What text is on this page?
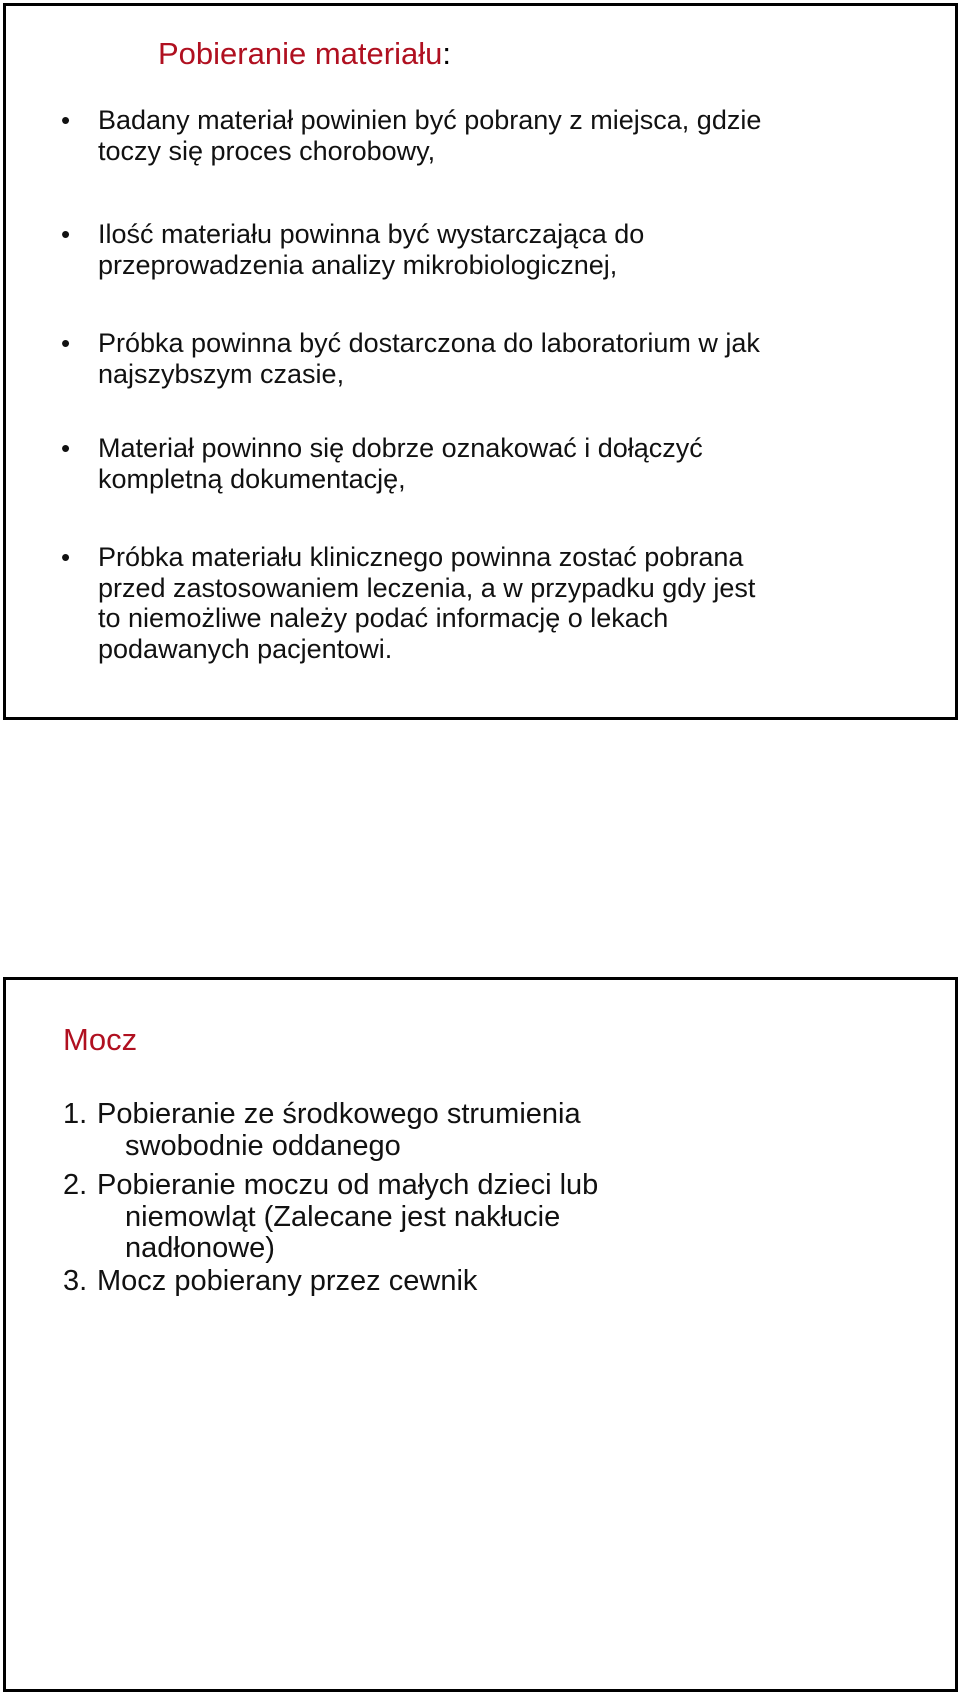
Pobieranie materiału:
• Badany materiał powinien być pobrany z miejsca, gdzie
toczy się proces chorobowy,
• Ilość materiału powinna być wystarczająca do
przeprowadzenia analizy mikrobiologicznej,
• Próbka powinna być dostarczona do laboratorium w jak
najszybszym czasie,
• Materiał powinno się dobrze oznakować i dołączyć
kompletną dokumentację,
• Próbka materiału klinicznego powinna zostać pobrana
przed zastosowaniem leczenia, a w przypadku gdy jest
to niemożliwe należy podać informację o lekach
podawanych pacjentowi.
Mocz
1. Pobieranie ze środkowego strumienia
swobodnie oddanego
2. Pobieranie moczu od małych dzieci lub
niemowląt (Zalecane jest nakłucie
nadłonowe)
3. Mocz pobierany przez cewnik
